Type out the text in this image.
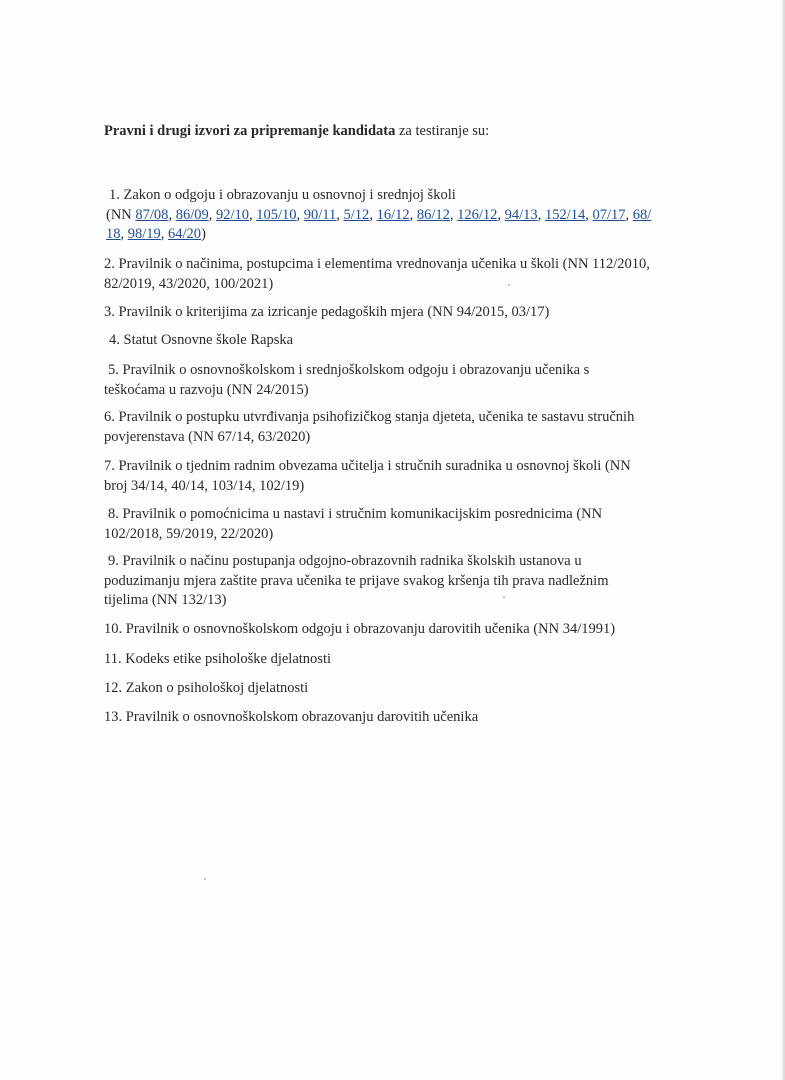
Pravni i drugi izvori za pripremanje kandidata za testiranje su:
1. Zakon o odgoju i obrazovanju u osnovnoj i srednjoj školi
(NN 87/08, 86/09, 92/10, 105/10, 90/11, 5/12, 16/12, 86/12, 126/12, 94/13, 152/14, 07/17, 68/
18, 98/19, 64/20)
2. Pravilnik o načinima, postupcima i elementima vrednovanja učenika u školi (NN 112/2010,
82/2019, 43/2020, 100/2021)
3. Pravilnik o kriterijima za izricanje pedagoških mjera (NN 94/2015, 03/17)
4. Statut Osnovne škole Rapska
5. Pravilnik o osnovnoškolskom i srednjoškolskom odgoju i obrazovanju učenika s
teškoćama u razvoju (NN 24/2015)
6. Pravilnik o postupku utvrđivanja psihofizičkog stanja djeteta, učenika te sastavu stručnih
povjerenstava (NN 67/14, 63/2020)
7. Pravilnik o tjednim radnim obvezama učitelja i stručnih suradnika u osnovnoj školi (NN
broj 34/14, 40/14, 103/14, 102/19)
8. Pravilnik o pomoćnicima u nastavi i stručnim komunikacijskim posrednicima (NN
102/2018, 59/2019, 22/2020)
9. Pravilnik o načinu postupanja odgojno-obrazovnih radnika školskih ustanova u
poduzimanju mjera zaštite prava učenika te prijave svakog kršenja tih prava nadležnim
tijelima (NN 132/13)
10. Pravilnik o osnovnoškolskom odgoju i obrazovanju darovitih učenika (NN 34/1991)
11. Kodeks etike psihološke djelatnosti
12. Zakon o psihološkoj djelatnosti
13. Pravilnik o osnovnoškolskom obrazovanju darovitih učenika
